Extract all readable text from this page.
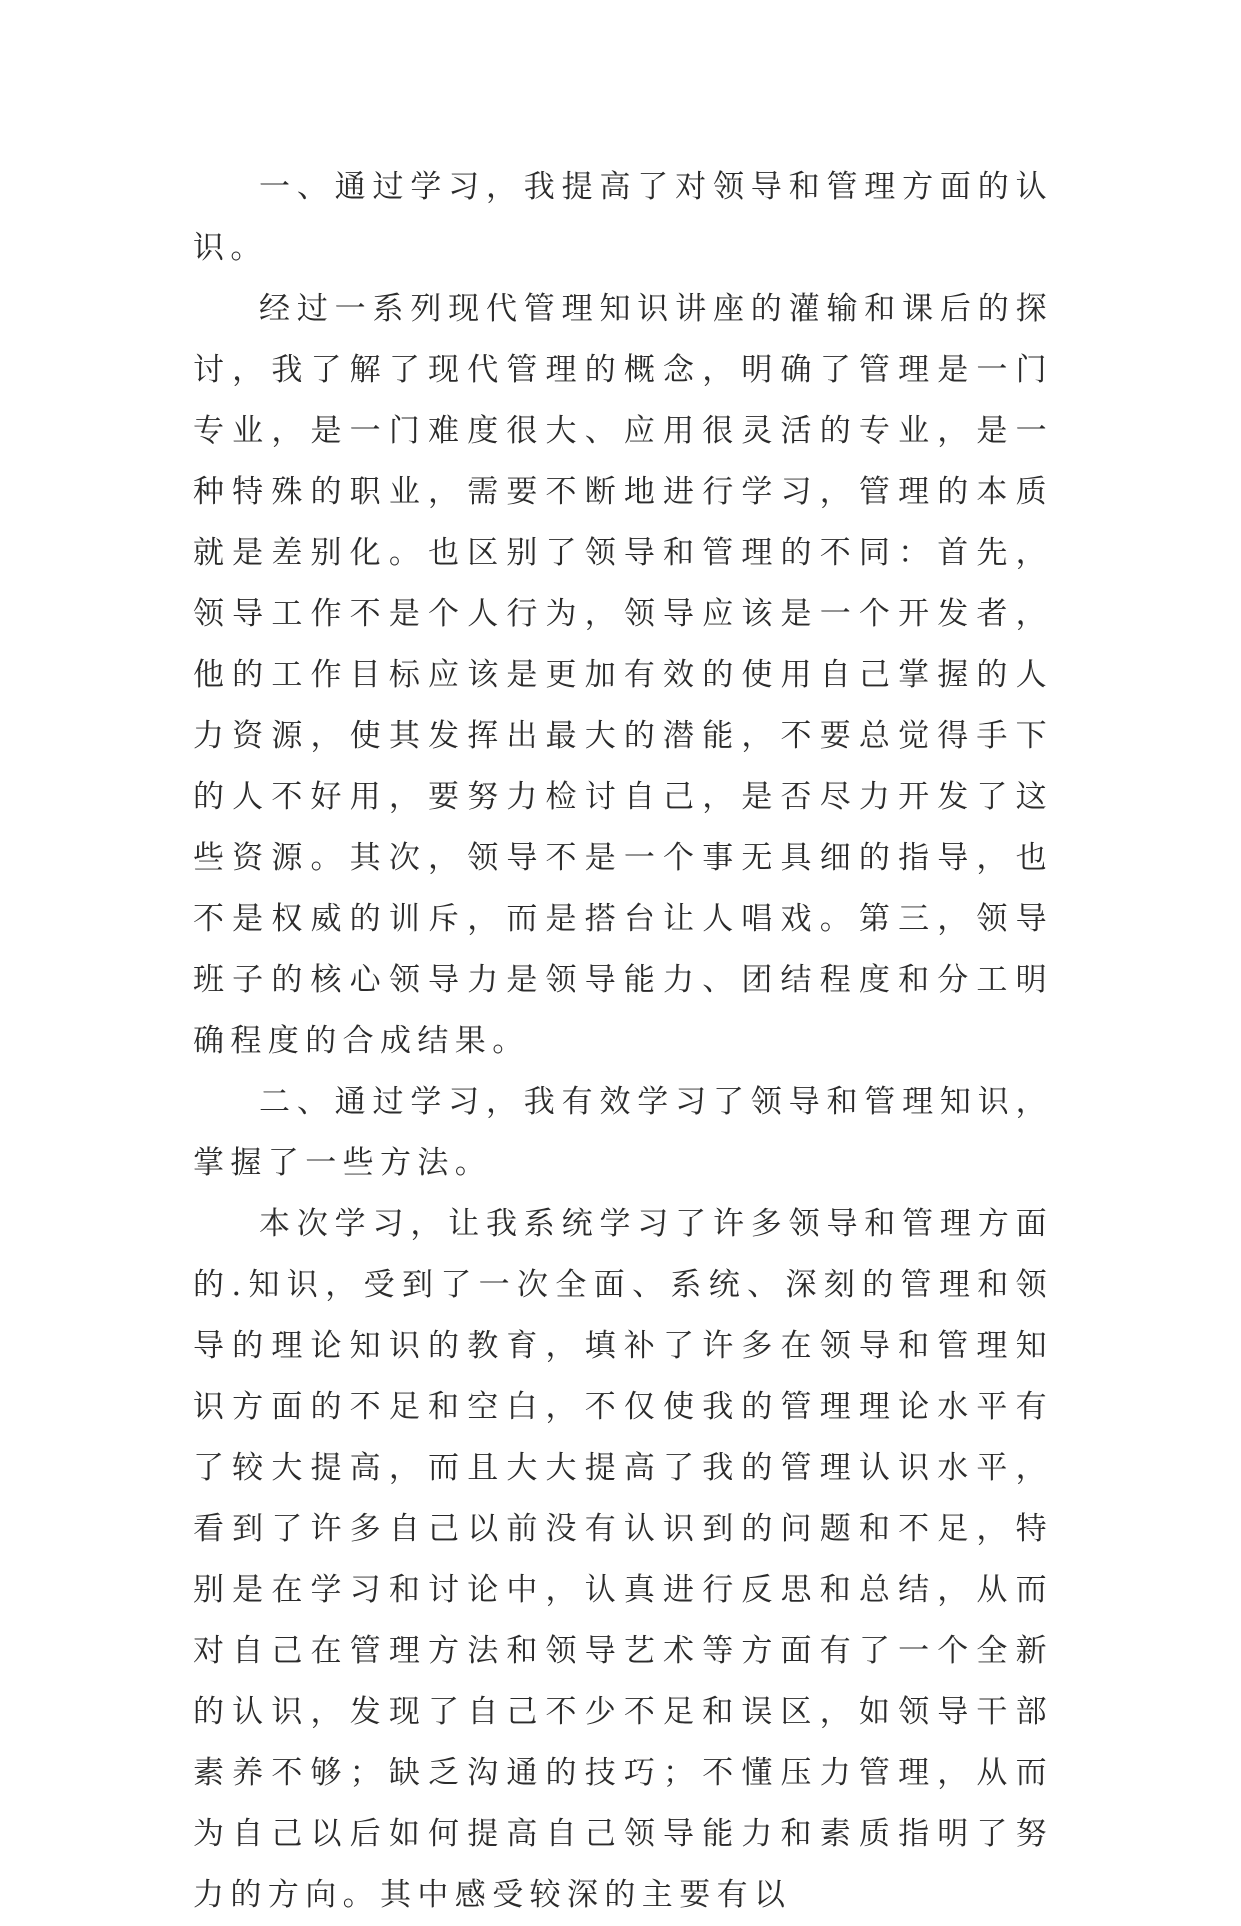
一、通过学习，我提高了对领导和管理方面的认识。

经过一系列现代管理知识讲座的灌输和课后的探讨，我了解了现代管理的概念，明确了管理是一门专业，是一门难度很大、应用很灵活的专业，是一种特殊的职业，需要不断地进行学习，管理的本质就是差别化。也区别了领导和管理的不同：首先，领导工作不是个人行为，领导应该是一个开发者，他的工作目标应该是更加有效的使用自己掌握的人力资源，使其发挥出最大的潜能，不要总觉得手下的人不好用，要努力检讨自己，是否尽力开发了这些资源。其次，领导不是一个事无具细的指导，也不是权威的训斥，而是搭台让人唱戏。第三，领导班子的核心领导力是领导能力、团结程度和分工明确程度的合成结果。

二、通过学习，我有效学习了领导和管理知识，掌握了一些方法。

本次学习，让我系统学习了许多领导和管理方面的.知识，受到了一次全面、系统、深刻的管理和领导的理论知识的教育，填补了许多在领导和管理知识方面的不足和空白，不仅使我的管理理论水平有了较大提高，而且大大提高了我的管理认识水平，看到了许多自己以前没有认识到的问题和不足，特别是在学习和讨论中，认真进行反思和总结，从而对自己在管理方法和领导艺术等方面有了一个全新的认识，发现了自己不少不足和误区，如领导干部素养不够；缺乏沟通的技巧；不懂压力管理，从而为自己以后如何提高自己领导能力和素质指明了努力的方向。其中感受较深的主要有以
